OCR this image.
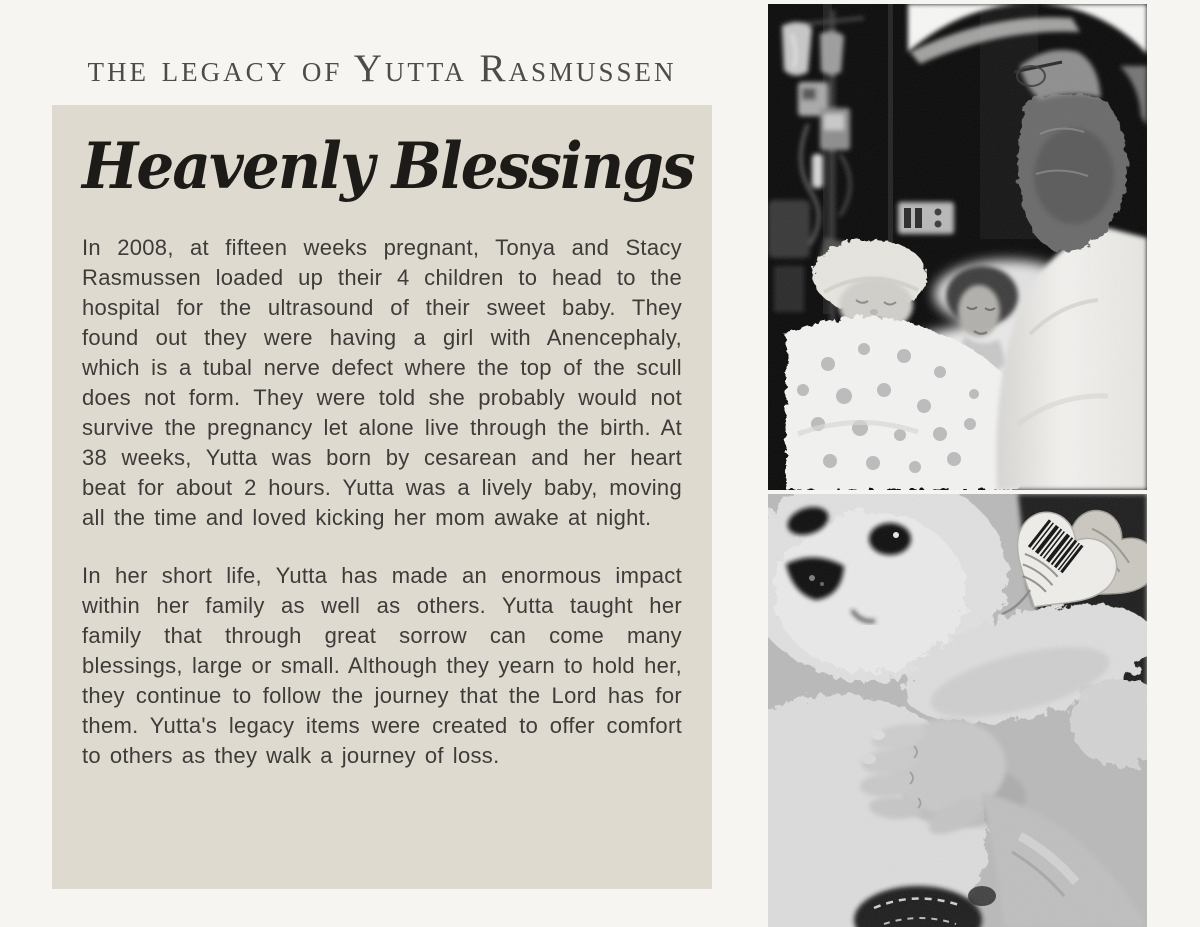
the legacy of Yutta Rasmussen
Heavenly Blessings

In 2008, at fifteen weeks pregnant, Tonya and Stacy Rasmussen loaded up their 4 children to head to the hospital for the ultrasound of their sweet baby. They found out they were having a girl with Anencephaly, which is a tubal nerve defect where the top of the scull does not form. They were told she probably would not survive the pregnancy let alone live through the birth. At 38 weeks, Yutta was born by cesarean and her heart beat for about 2 hours. Yutta was a lively baby, moving all the time and loved kicking her mom awake at night.

In her short life, Yutta has made an enormous impact within her family as well as others. Yutta taught her family that through great sorrow can come many blessings, large or small. Although they yearn to hold her, they continue to follow the journey that the Lord has for them. Yutta's legacy items were created to offer comfort to others as they walk a journey of loss.
